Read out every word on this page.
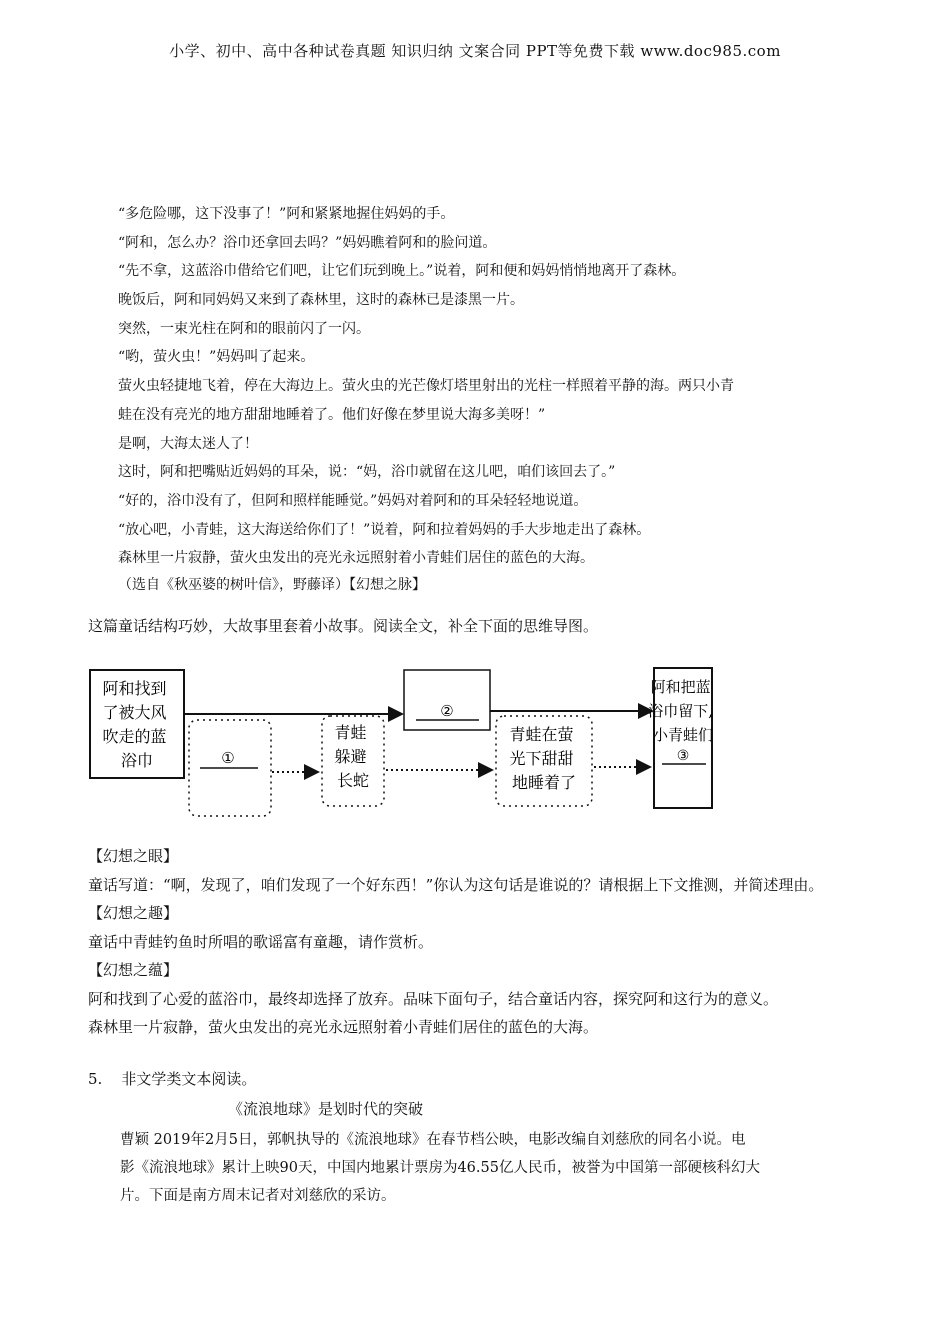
小学、初中、高中各种试卷真题 知识归纳 文案合同 PPT等免费下载 www.doc985.com

“多危险哪，这下没事了！”阿和紧紧地握住妈妈的手。

“阿和，怎么办？浴巾还拿回去吗？”妈妈瞧着阿和的脸问道。

“先不拿，这蓝浴巾借给它们吧，让它们玩到晚上。”说着，阿和便和妈妈悄悄地离开了森林。

晚饭后，阿和同妈妈又来到了森林里，这时的森林已是漆黑一片。

突然，一束光柱在阿和的眼前闪了一闪。

“哟，萤火虫！”妈妈叫了起来。

萤火虫轻捷地飞着，停在大海边上。萤火虫的光芒像灯塔里射出的光柱一样照着平静的海。两只小青

蛙在没有亮光的地方甜甜地睡着了。他们好像在梦里说大海多美呀！”

是啊，大海太迷人了！

这时，阿和把嘴贴近妈妈的耳朵，说：“妈，浴巾就留在这儿吧，咱们该回去了。”

“好的，浴巾没有了，但阿和照样能睡觉。”妈妈对着阿和的耳朵轻轻地说道。

“放心吧，小青蛙，这大海送给你们了！”说着，阿和拉着妈妈的手大步地走出了森林。

森林里一片寂静，萤火虫发出的亮光永远照射着小青蛙们居住的蓝色的大海。

（选自《秋巫婆的树叶信》，野藤译）【幻想之脉】

这篇童话结构巧妙，大故事里套着小故事。阅读全文，补全下面的思维导图。

阿和找到 了被大风 吹走的蓝 浴巾
②
阿和把蓝 浴巾留下, 小青蛙们
③
①
青蛙 躲避 长蛇
青蛙在萤 光下甜甜 地睡着了

【幻想之眼】

童话写道：“啊，发现了，咱们发现了一个好东西！”你认为这句话是谁说的？请根据上下文推测，并简述理由。

【幻想之趣】

童话中青蛙钓鱼时所唱的歌谣富有童趣，请作赏析。

【幻想之蕴】

阿和找到了心爱的蓝浴巾，最终却选择了放弃。品味下面句子，结合童话内容，探究阿和这行为的意义。

森林里一片寂静，萤火虫发出的亮光永远照射着小青蛙们居住的蓝色的大海。

5. 非文学类文本阅读。
《流浪地球》是划时代的突破

曹颖 2019年2月5日，郭帆执导的《流浪地球》在春节档公映，电影改编自刘慈欣的同名小说。电

影《流浪地球》累计上映90天，中国内地累计票房为46.55亿人民币，被誉为中国第一部硬核科幻大

片。下面是南方周末记者对刘慈欣的采访。
